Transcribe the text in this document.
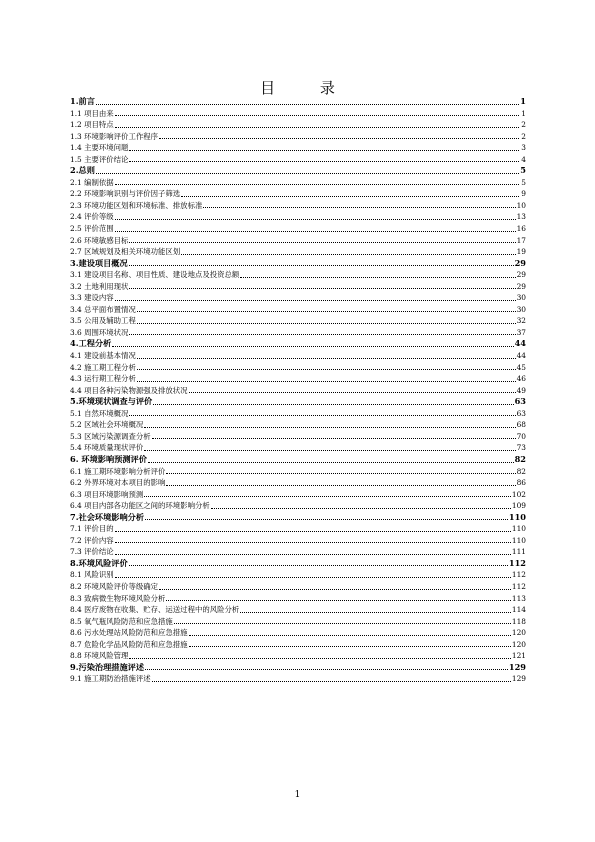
目 录
1.前言	1
1.1 项目由来	1
1.2 项目特点	2
1.3 环境影响评价工作程序	2
1.4 主要环境问题	3
1.5 主要评价结论	4
2.总则	5
2.1 编制依据	5
2.2 环境影响识别与评价因子筛选	9
2.3 环境功能区划和环境标准、排放标准	10
2.4 评价等级	13
2.5 评价范围	16
2.6 环境敏感目标	17
2.7 区域规划及相关环境功能区划	19
3.建设项目概况	29
3.1 建设项目名称、项目性质、建设地点及投资总额	29
3.2 土地利用现状	29
3.3 建设内容	30
3.4 总平面布置情况	30
3.5 公用及辅助工程	32
3.6 周围环境状况	37
4.工程分析	44
4.1 建设前基本情况	44
4.2 施工期工程分析	45
4.3 运行期工程分析	46
4.4 项目各种污染物源强及排放状况	49
5.环境现状调查与评价	63
5.1 自然环境概况	63
5.2 区域社会环境概况	68
5.3 区域污染源调查分析	70
5.4 环境质量现状评价	73
6. 环境影响预测评价	82
6.1 施工期环境影响分析评价	82
6.2 外界环境对本项目的影响	86
6.3 项目环境影响预测	102
6.4 项目内部各功能区之间的环境影响分析	109
7.社会环境影响分析	110
7.1 评价目的	110
7.2 评价内容	110
7.3 评价结论	111
8.环境风险评价	112
8.1 风险识别	112
8.2 环境风险评价等级确定	112
8.3 致病微生物环境风险分析	113
8.4 医疗废物在收集、贮存、运送过程中的风险分析	114
8.5 氧气瓶风险防范和应急措施	118
8.6 污水处理站风险防范和应急措施	120
8.7 危险化学品风险防范和应急措施	120
8.8 环境风险管理	121
9.污染治理措施评述	129
9.1 施工期防治措施评述	129
1
